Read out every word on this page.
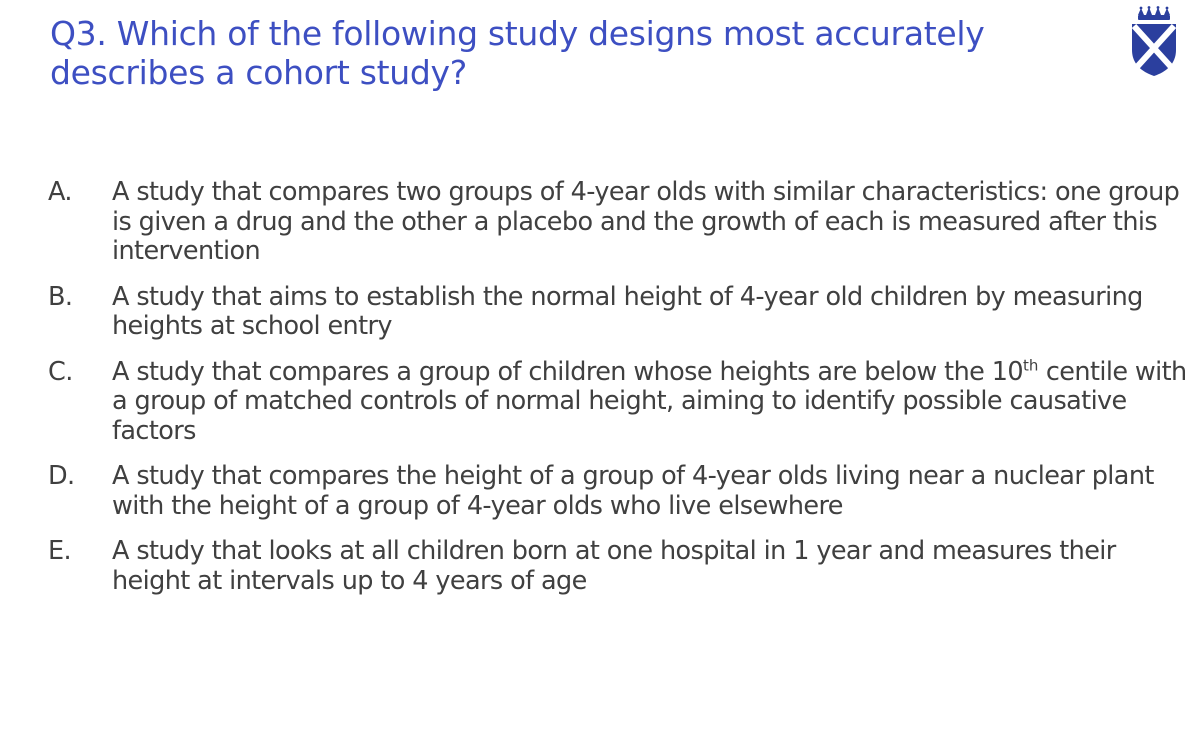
Q3. Which of the following study designs most accurately describes a cohort study?
A.	A study that compares two groups of 4-year olds with similar characteristics: one group is given a drug and the other a placebo and the growth of each is measured after this intervention
B.	A study that aims to establish the normal height of 4-year old children by measuring heights at school entry
C.	A study that compares a group of children whose heights are below the 10th centile with a group of matched controls of normal height, aiming to identify possible causative factors
D.	A study that compares the height of a group of 4-year olds living near a nuclear plant with the height of a group of 4-year olds who live elsewhere
E.	A study that looks at all children born at one hospital in 1 year and measures their height at intervals up to 4 years of age
